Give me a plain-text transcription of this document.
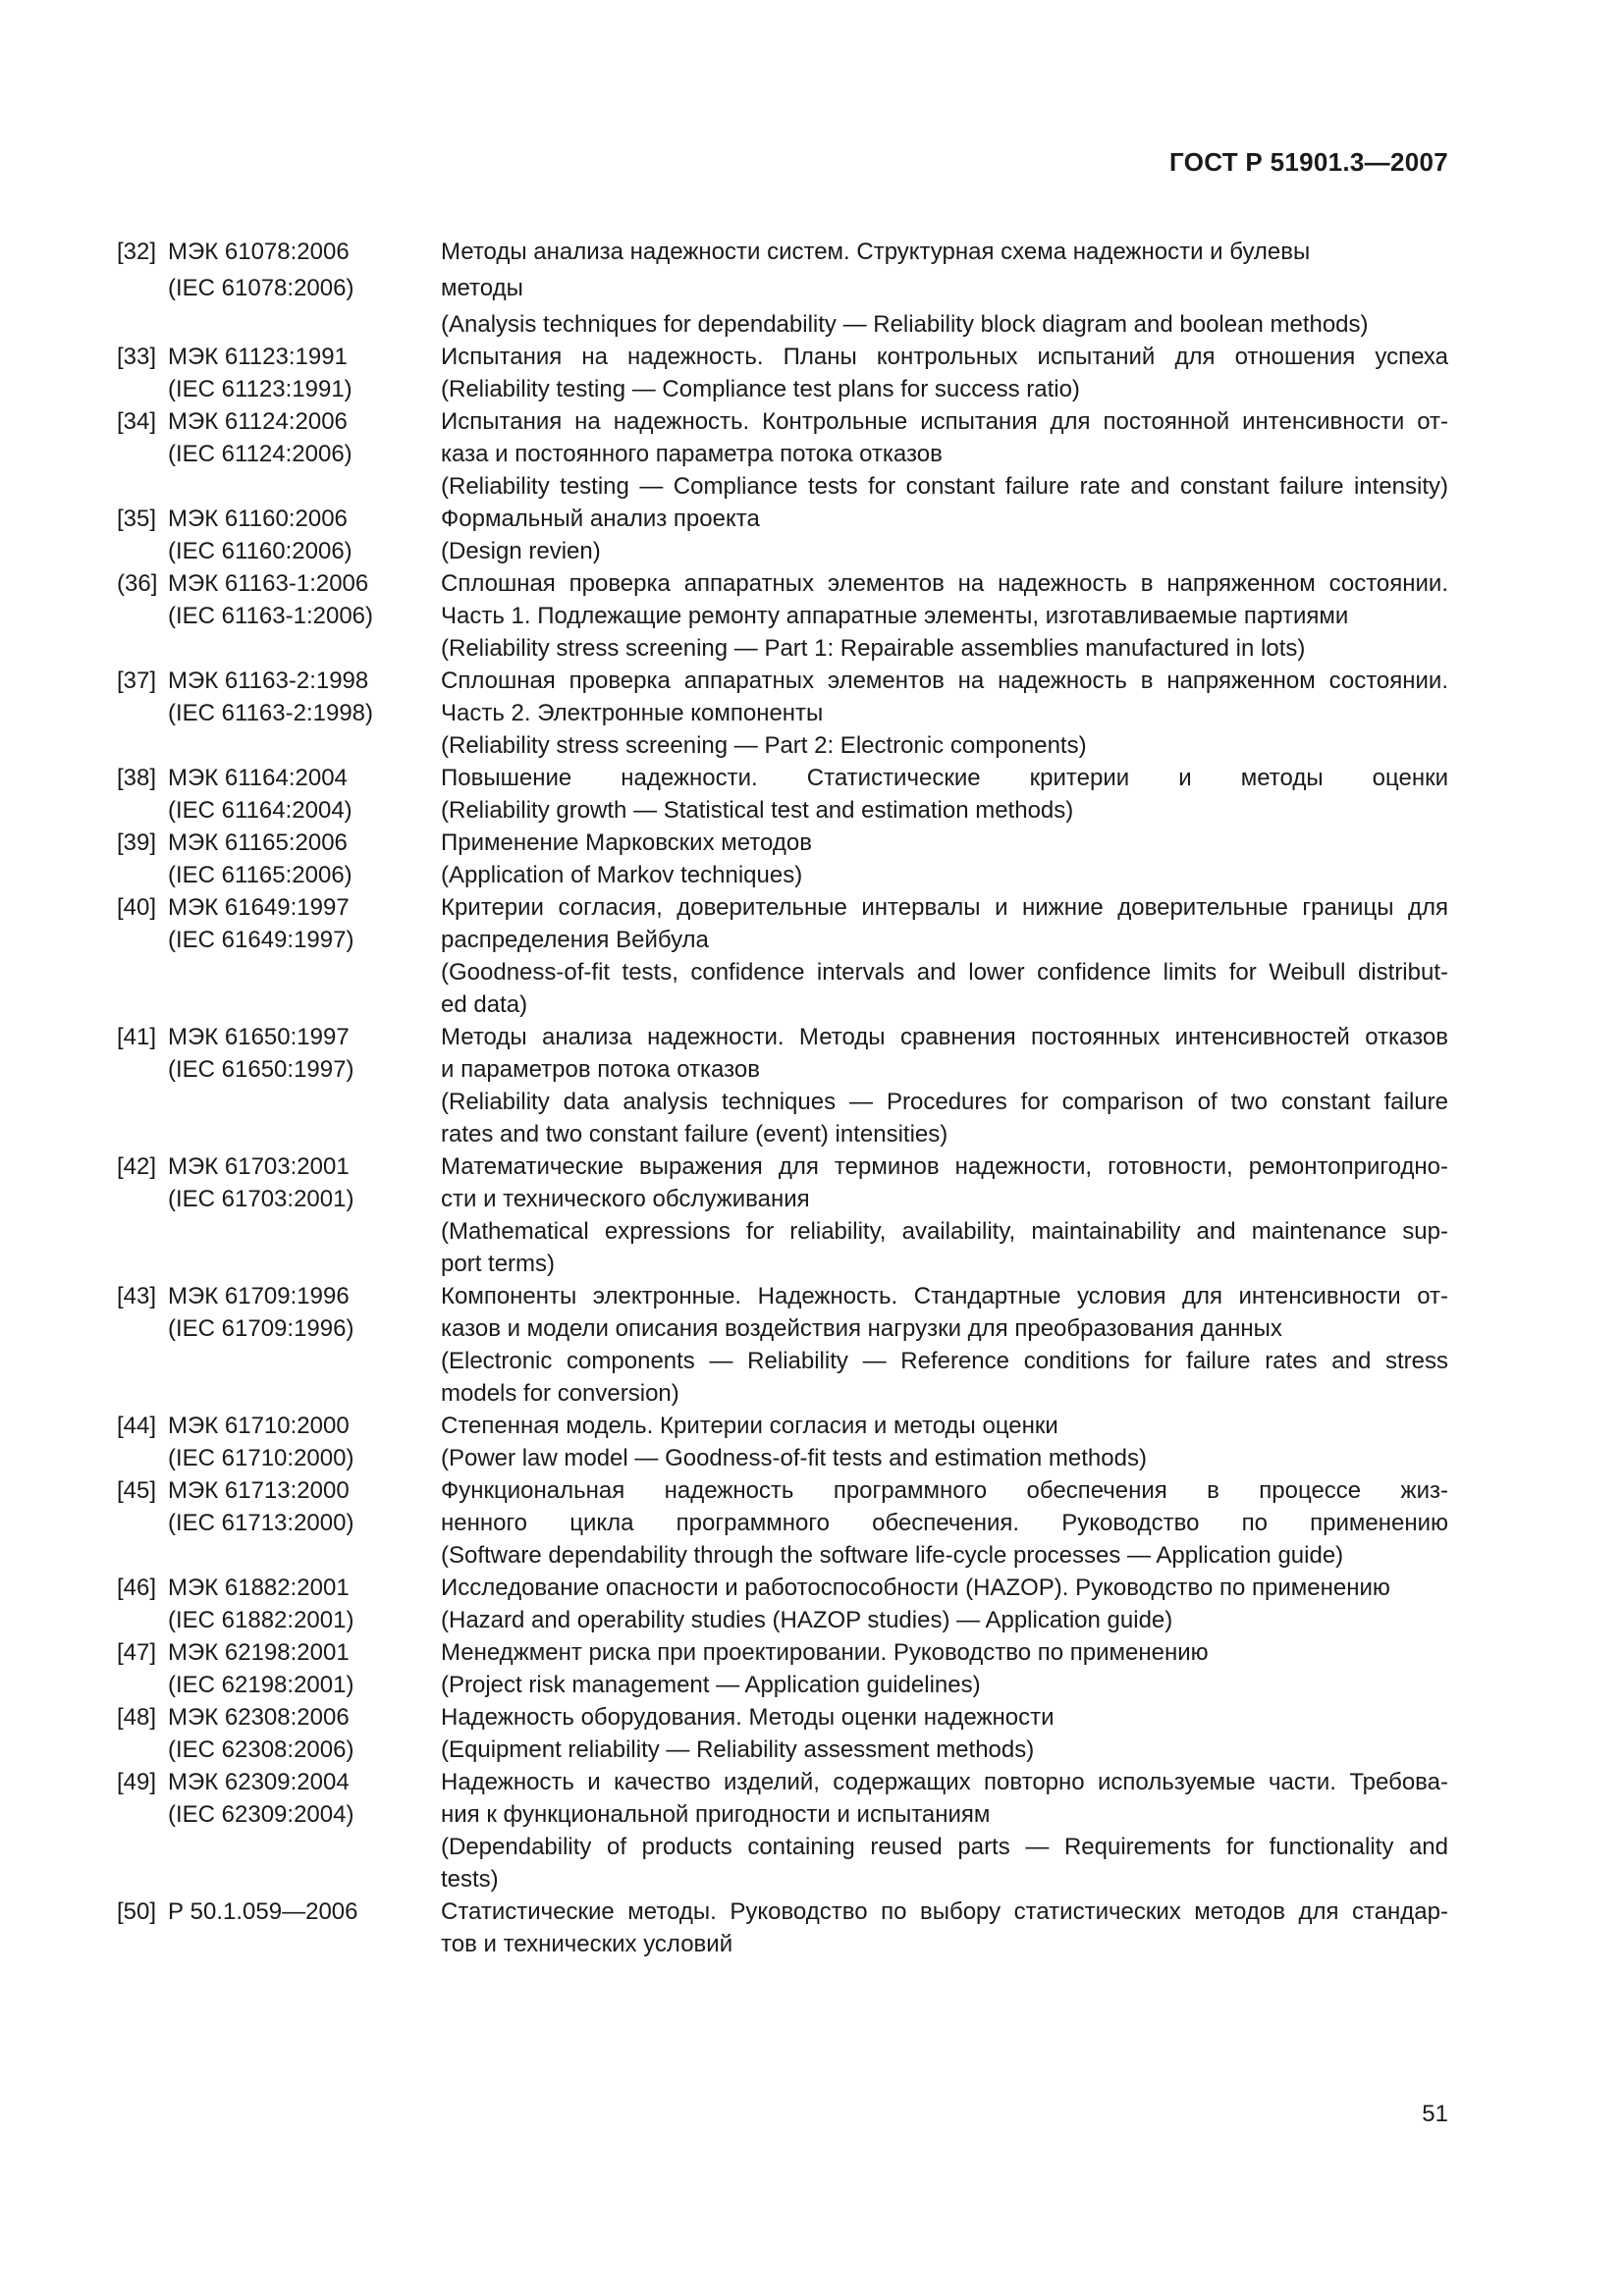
ГОСТ Р 51901.3—2007
[32] МЭК 61078:2006
(IEC 61078:2006)
Методы анализа надежности систем. Структурная схема надежности и булевы
методы
(Analysis techniques for dependability — Reliability block diagram and boolean methods)
[33] МЭК 61123:1991
(IEC 61123:1991)
Испытания на надежность. Планы контрольных испытаний для отношения успеха
(Reliability testing — Compliance test plans for success ratio)
[34] МЭК 61124:2006
(IEC 61124:2006)
Испытания на надежность. Контрольные испытания для постоянной интенсивности от-
каза и постоянного параметра потока отказов
(Reliability testing — Compliance tests for constant failure rate and constant failure intensity)
[35] МЭК 61160:2006
(IEC 61160:2006)
Формальный анализ проекта
(Design revien)
(36] МЭК 61163-1:2006
(IEC 61163-1:2006)
Сплошная проверка аппаратных элементов на надежность в напряженном состоянии.
Часть 1. Подлежащие ремонту аппаратные элементы, изготавливаемые партиями
(Reliability stress screening — Part 1: Repairable assemblies manufactured in lots)
[37] МЭК 61163-2:1998
(IEC 61163-2:1998)
Сплошная проверка аппаратных элементов на надежность в напряженном состоянии.
Часть 2. Электронные компоненты
(Reliability stress screening — Part 2: Electronic components)
[38] МЭК 61164:2004
(IEC 61164:2004)
Повышение надежности. Статистические критерии и методы оценки
(Reliability growth — Statistical test and estimation methods)
[39] МЭК 61165:2006
(IEC 61165:2006)
Применение Марковских методов
(Application of Markov techniques)
[40] МЭК 61649:1997
(IEC 61649:1997)
Критерии согласия, доверительные интервалы и нижние доверительные границы для
распределения Вейбула
(Goodness-of-fit tests, confidence intervals and lower confidence limits for Weibull distribut-
ed data)
[41] МЭК 61650:1997
(IEC 61650:1997)
Методы анализа надежности. Методы сравнения постоянных интенсивностей отказов
и параметров потока отказов
(Reliability data analysis techniques — Procedures for comparison of two constant failure
rates and two constant failure (event) intensities)
[42] МЭК 61703:2001
(IEC 61703:2001)
Математические выражения для терминов надежности, готовности, ремонтопригодно-
сти и технического обслуживания
(Mathematical expressions for reliability, availability, maintainability and maintenance sup-
port terms)
[43] МЭК 61709:1996
(IEC 61709:1996)
Компоненты электронные. Надежность. Стандартные условия для интенсивности от-
казов и модели описания воздействия нагрузки для преобразования данных
(Electronic components — Reliability — Reference conditions for failure rates and stress
models for conversion)
[44] МЭК 61710:2000
(IEC 61710:2000)
Степенная модель. Критерии согласия и методы оценки
(Power law model — Goodness-of-fit tests and estimation methods)
[45] МЭК 61713:2000
(IEC 61713:2000)
Функциональная надежность программного обеспечения в процессе жиз-
ненного цикла программного обеспечения. Руководство по применению
(Software dependability through the software life-cycle processes — Application guide)
[46] МЭК 61882:2001
(IEC 61882:2001)
Исследование опасности и работоспособности (HAZOP). Руководство по применению
(Hazard and operability studies (HAZOP studies) — Application guide)
[47] МЭК 62198:2001
(IEC 62198:2001)
Менеджмент риска при проектировании. Руководство по применению
(Project risk management — Application guidelines)
[48] МЭК 62308:2006
(IEC 62308:2006)
Надежность оборудования. Методы оценки надежности
(Equipment reliability — Reliability assessment methods)
[49] МЭК 62309:2004
(IEC 62309:2004)
Надежность и качество изделий, содержащих повторно используемые части. Требова-
ния к функциональной пригодности и испытаниям
(Dependability of products containing reused parts — Requirements for functionality and
tests)
[50] Р 50.1.059—2006	Статистические методы. Руководство по выбору статистических методов для стандар-
тов и технических условий
51
